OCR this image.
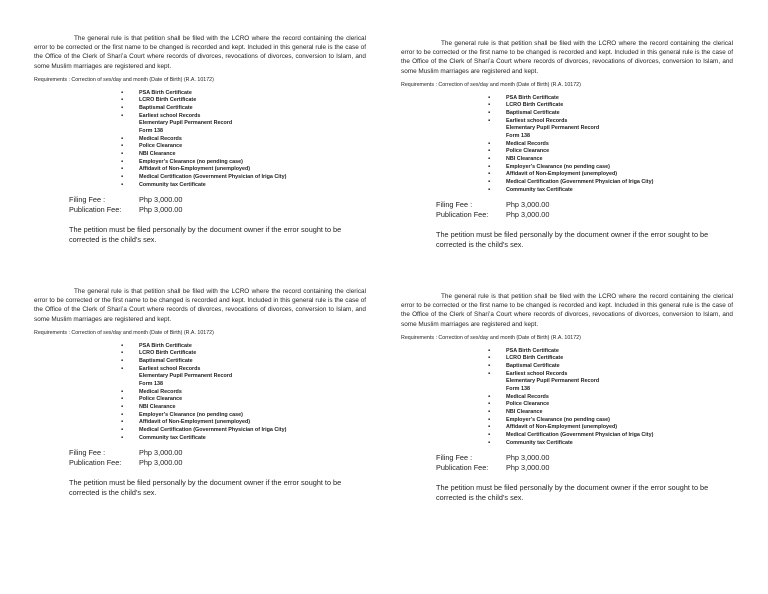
The general rule is that petition shall be filed with the LCRO where the record containing the clerical error to be corrected or the first name to be changed is recorded and kept. Included in this general rule is the case of the Office of the Clerk of Shari’a Court where records of divorces, revocations of divorces, conversion to Islam, and some Muslim marriages are registered and kept.

Requirements : Correction of sex/day and month (Date of Birth) (R.A. 10172)

▪ PSA Birth Certificate
▪ LCRO Birth Certificate
▪ Baptismal Certificate
▪ Earliest school Records
Elementary Pupil Permanent Record
Form 138
▪ Medical Records
▪ Police Clearance
▪ NBI Clearance
▪ Employer’s Clearance (no pending case)
▪ Affidavit of Non-Employment (unemployed)
▪ Medical Certification (Government Physician of Iriga City)
▪ Community tax Certificate
Filing Fee :	Php 3,000.00
Publication Fee:	Php 3,000.00

The petition must be filed personally by the document owner if the error sought to be corrected is the child’s sex.

The general rule is that petition shall be filed with the LCRO where the record containing the clerical error to be corrected or the first name to be changed is recorded and kept. Included in this general rule is the case of the Office of the Clerk of Shari’a Court where records of divorces, revocations of divorces, conversion to Islam, and some Muslim marriages are registered and kept.

Requirements : Correction of sex/day and month (Date of Birth) (R.A. 10172)

▪ PSA Birth Certificate
▪ LCRO Birth Certificate
▪ Baptismal Certificate
▪ Earliest school Records
Elementary Pupil Permanent Record
Form 138
▪ Medical Records
▪ Police Clearance
▪ NBI Clearance
▪ Employer’s Clearance (no pending case)
▪ Affidavit of Non-Employment (unemployed)
▪ Medical Certification (Government Physician of Iriga City)
▪ Community tax Certificate
Filing Fee :	Php 3,000.00
Publication Fee:	Php 3,000.00

The petition must be filed personally by the document owner if the error sought to be corrected is the child’s sex.

The general rule is that petition shall be filed with the LCRO where the record containing the clerical error to be corrected or the first name to be changed is recorded and kept. Included in this general rule is the case of the Office of the Clerk of Shari’a Court where records of divorces, revocations of divorces, conversion to Islam, and some Muslim marriages are registered and kept.

Requirements : Correction of sex/day and month (Date of Birth) (R.A. 10172)

▪ PSA Birth Certificate
▪ LCRO Birth Certificate
▪ Baptismal Certificate
▪ Earliest school Records
Elementary Pupil Permanent Record
Form 138
▪ Medical Records
▪ Police Clearance
▪ NBI Clearance
▪ Employer’s Clearance (no pending case)
▪ Affidavit of Non-Employment (unemployed)
▪ Medical Certification (Government Physician of Iriga City)
▪ Community tax Certificate
Filing Fee :	Php 3,000.00
Publication Fee:	Php 3,000.00

The petition must be filed personally by the document owner if the error sought to be corrected is the child’s sex.

The general rule is that petition shall be filed with the LCRO where the record containing the clerical error to be corrected or the first name to be changed is recorded and kept. Included in this general rule is the case of the Office of the Clerk of Shari’a Court where records of divorces, revocations of divorces, conversion to Islam, and some Muslim marriages are registered and kept.

Requirements : Correction of sex/day and month (Date of Birth) (R.A. 10172)

▪ PSA Birth Certificate
▪ LCRO Birth Certificate
▪ Baptismal Certificate
▪ Earliest school Records
Elementary Pupil Permanent Record
Form 138
▪ Medical Records
▪ Police Clearance
▪ NBI Clearance
▪ Employer’s Clearance (no pending case)
▪ Affidavit of Non-Employment (unemployed)
▪ Medical Certification (Government Physician of Iriga City)
▪ Community tax Certificate
Filing Fee :	Php 3,000.00
Publication Fee:	Php 3,000.00

The petition must be filed personally by the document owner if the error sought to be corrected is the child’s sex.
